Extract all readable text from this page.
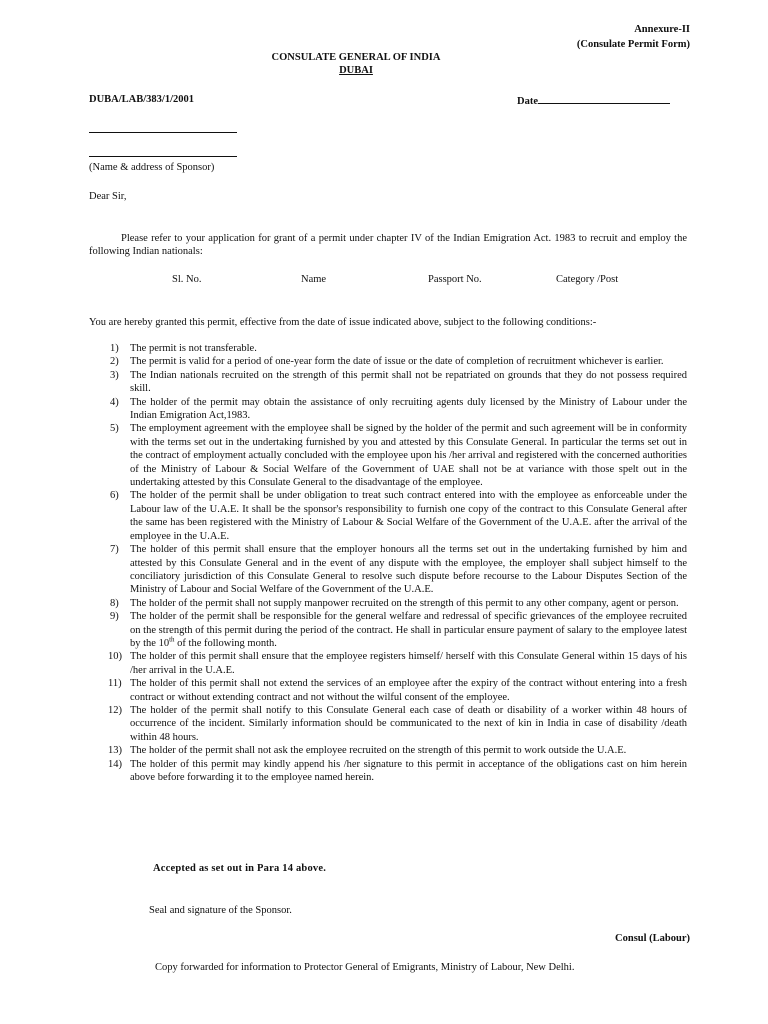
Annexure-II
(Consulate Permit Form)
CONSULATE GENERAL OF INDIA
DUBAI
DUBA/LAB/383/1/2001	Date
(Name & address of Sponsor)
Dear Sir,
Please refer to your application for grant of a permit under chapter IV of the Indian Emigration Act. 1983 to recruit and employ the following Indian nationals:
Sl. No.	Name	Passport No.	Category /Post
You are hereby granted this permit, effective from the date of issue indicated above, subject to the following conditions:-
1)	The permit is not transferable.
2)	The permit is valid for a period of one-year form the date of issue or the date of completion of recruitment whichever is earlier.
3)	The Indian nationals recruited on the strength of this permit shall not be repatriated on grounds that they do not possess required skill.
4)	The holder of the permit may obtain the assistance of only recruiting agents duly licensed by the Ministry of Labour under the Indian Emigration Act,1983.
5)	The employment agreement with the employee shall be signed by the holder of the permit and such agreement will be in conformity with the terms set out in the undertaking furnished by you and attested by this Consulate General. In particular the terms set out in the contract of employment actually concluded with the employee upon his /her arrival and registered with the concerned authorities of the Ministry of Labour & Social Welfare of the Government of UAE shall not be at variance with those spelt out in the undertaking attested by this Consulate General to the disadvantage of the employee.
6)	The holder of the permit shall be under obligation to treat such contract entered into with the employee as enforceable under the Labour law of the U.A.E. It shall be the sponsor's responsibility to furnish one copy of the contract to this Consulate General after the same has been registered with the Ministry of Labour & Social Welfare of the Government of the U.A.E. after the arrival of the employee in the U.A.E.
7)	The holder of this permit shall ensure that the employer honours all the terms set out in the undertaking furnished by him and attested by this Consulate General and in the event of any dispute with the employee, the employer shall subject himself to the conciliatory jurisdiction of this Consulate General to resolve such dispute before recourse to the Labour Disputes Section of the Ministry of Labour and Social Welfare of the Government of the U.A.E.
8)	The holder of the permit shall not supply manpower recruited on the strength of this permit to any other company, agent or person.
9)	The holder of the permit shall be responsible for the general welfare and redressal of specific grievances of the employee recruited on the strength of this permit during the period of the contract. He shall in particular ensure payment of salary to the employee latest by the 10th of the following month.
10) The holder of this permit shall ensure that the employee registers himself/ herself with this Consulate General within 15 days of his /her arrival in the U.A.E.
11) The holder of this permit shall not extend the services of an employee after the expiry of the contract without entering into a fresh contract or without extending contract and not without the wilful consent of the employee.
12) The holder of the permit shall notify to this Consulate General each case of death or disability of a worker within 48 hours of occurrence of the incident. Similarly information should be communicated to the next of kin in India in case of disability /death within 48 hours.
13) The holder of the permit shall not ask the employee recruited on the strength of this permit to work outside the U.A.E.
14) The holder of this permit may kindly append his /her signature to this permit in acceptance of the obligations cast on him herein above before forwarding it to the employee named herein.
Accepted as set out in Para 14 above.
Seal and signature of the Sponsor.
Consul (Labour)
Copy forwarded for information to Protector General of Emigrants, Ministry of Labour, New Delhi.
